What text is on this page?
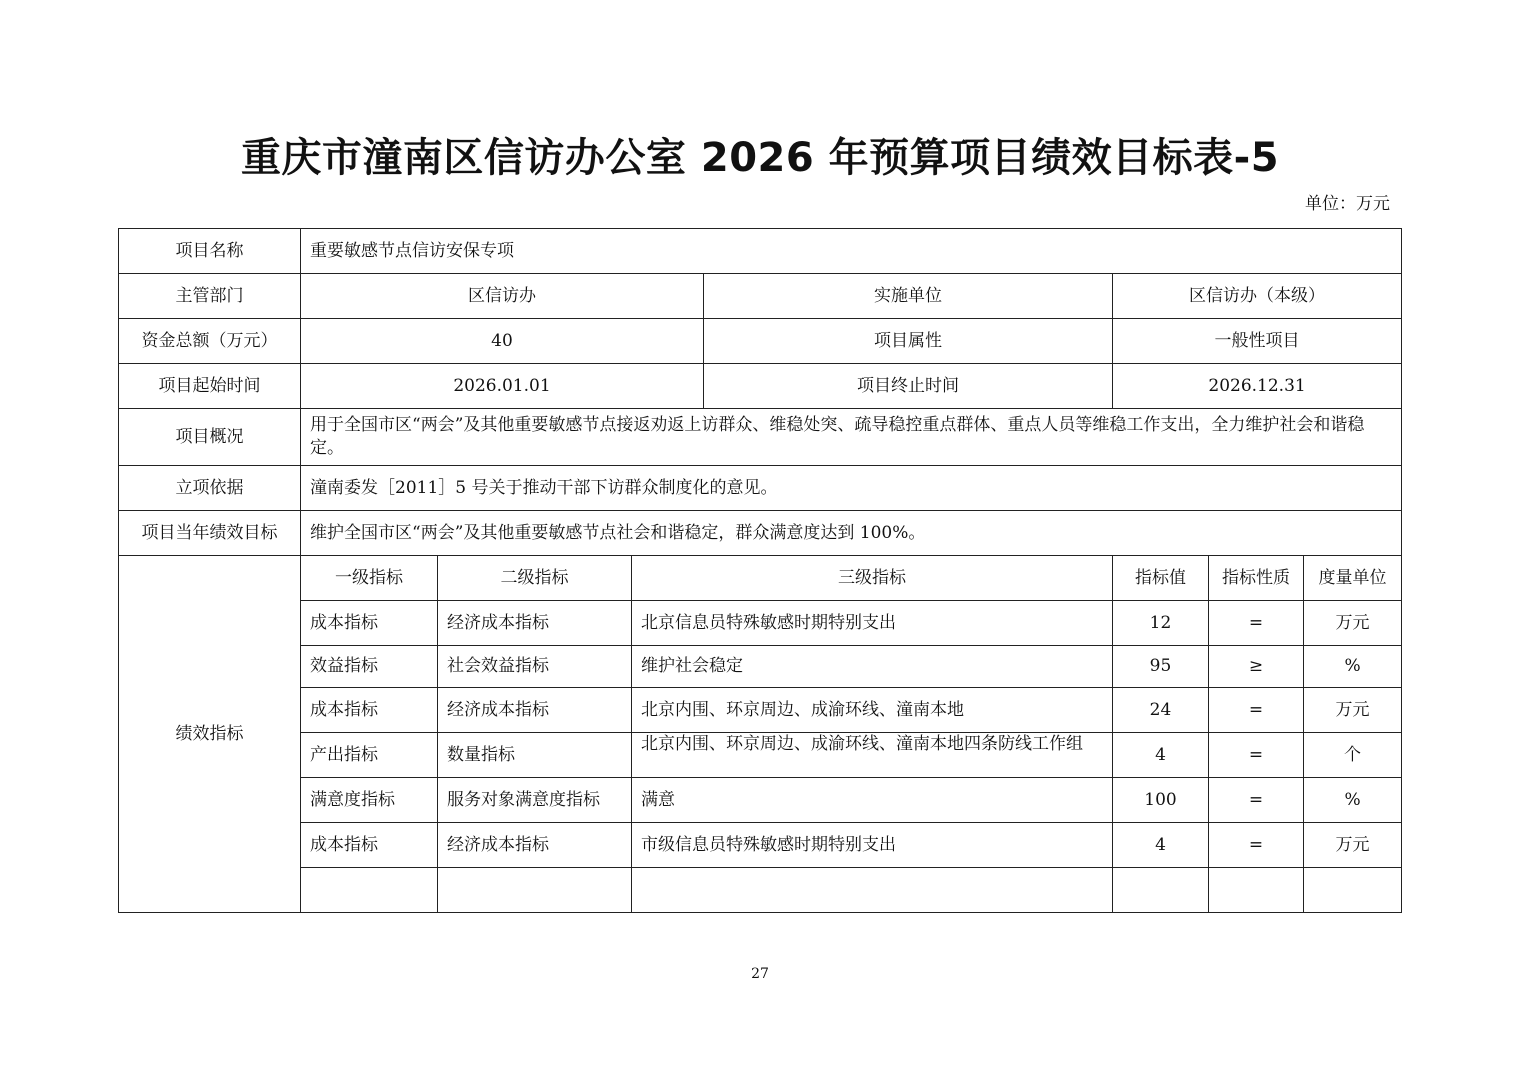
重庆市潼南区信访办公室 2026 年预算项目绩效目标表-5
单位：万元
项目名称	重要敏感节点信访安保专项						
主管部门	区信访办			实施单位	区信访办（本级）		
资金总额（万元）	40			项目属性	一般性项目		
项目起始时间	2026.01.01			项目终止时间	2026.12.31		
项目概况	用于全国市区“两会”及其他重要敏感节点接返劝返上访群众、维稳处突、疏导稳控重点群体、重点人员等维稳工作支出，全力维护社会和谐稳定。						
立项依据	潼南委发［2011］5 号关于推动干部下访群众制度化的意见。						
项目当年绩效目标	维护全国市区“两会”及其他重要敏感节点社会和谐稳定，群众满意度达到 100%。						
绩效指标	一级指标	二级指标	三级指标		指标值	指标性质	度量单位
	成本指标	经济成本指标	北京信息员特殊敏感时期特别支出		12	=	万元
	效益指标	社会效益指标	维护社会稳定		95	≥	%
	成本指标	经济成本指标	北京内围、环京周边、成渝环线、潼南本地		24	=	万元
	产出指标	数量指标	北京内围、环京周边、成渝环线、潼南本地四条防线工作组		4	=	个
	满意度指标	服务对象满意度指标	满意		100	=	%
	成本指标	经济成本指标	市级信息员特殊敏感时期特别支出		4	=	万元

27
